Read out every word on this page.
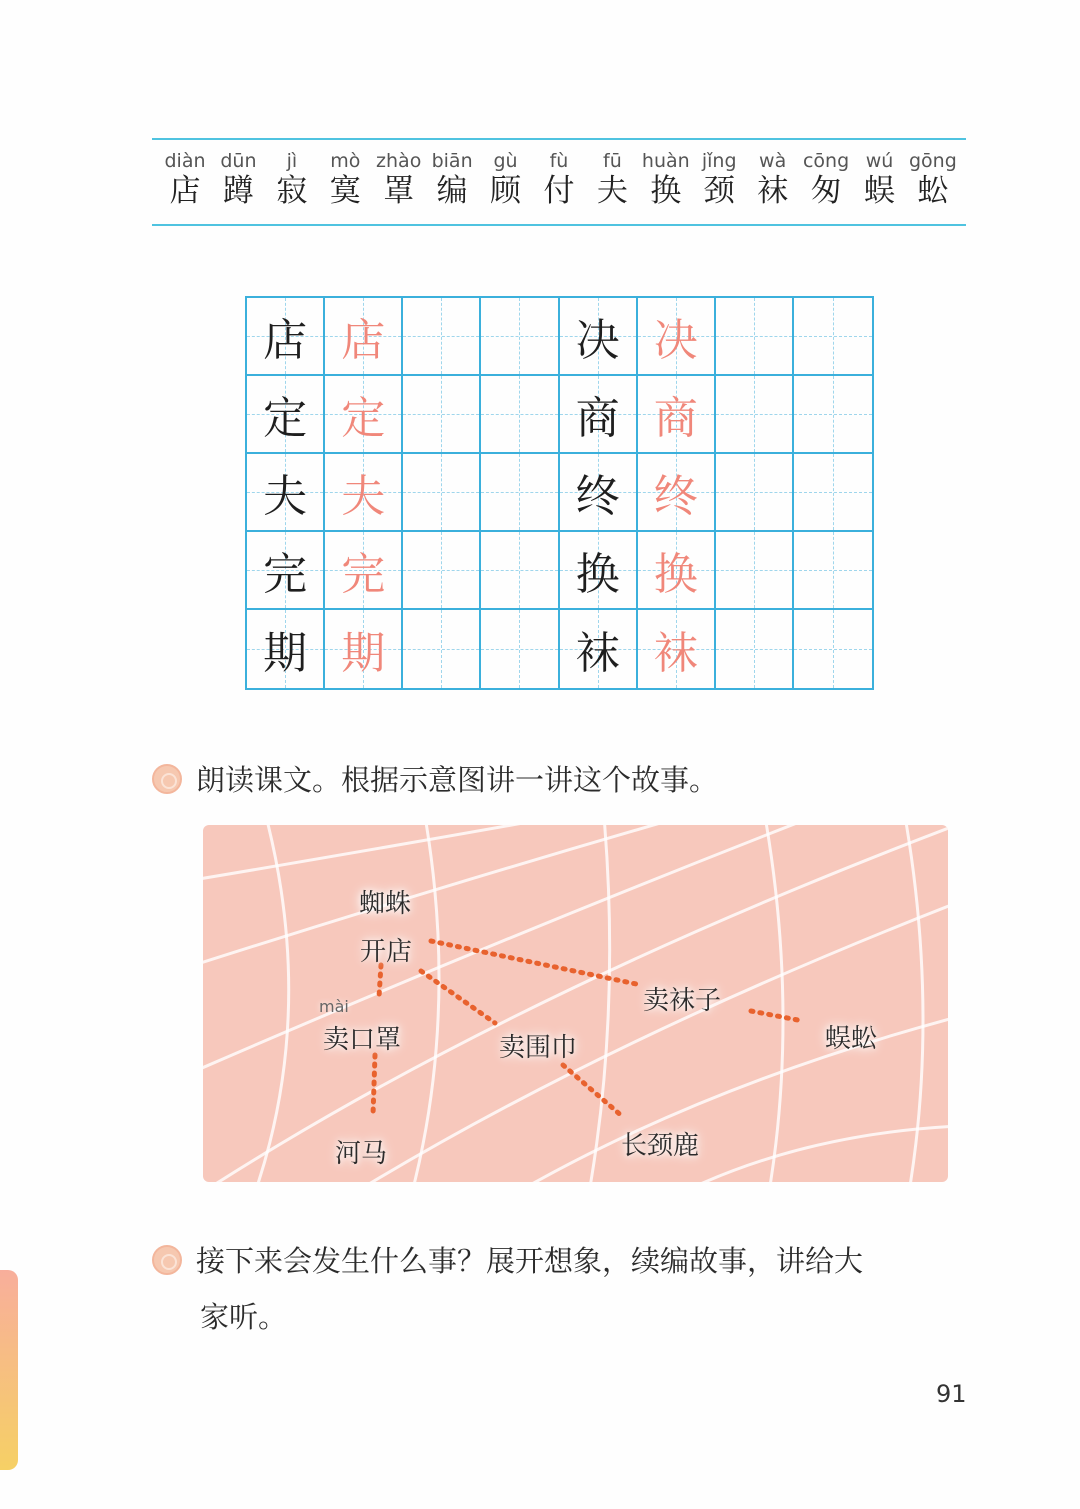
diàn
店
dūn
蹲
jì
寂
mò
寞
zhào
罩
biān
编
gù
顾
fù
付
fū
夫
huàn
换
jǐng
颈
wà
袜
cōng
匆
wú
蜈
gōng
蚣
店 店	决 决
定 定	商 商
夫 夫	终 终
完 完	换 换
期 期	袜 袜
朗读课文。根据示意图讲一讲这个故事。
蜘蛛
开店
mài
卖口罩	卖围巾
卖袜子
蜈蚣
河马	长颈鹿
接下来会发生什么事？展开想象，续编故事，讲给大
家听。
91
